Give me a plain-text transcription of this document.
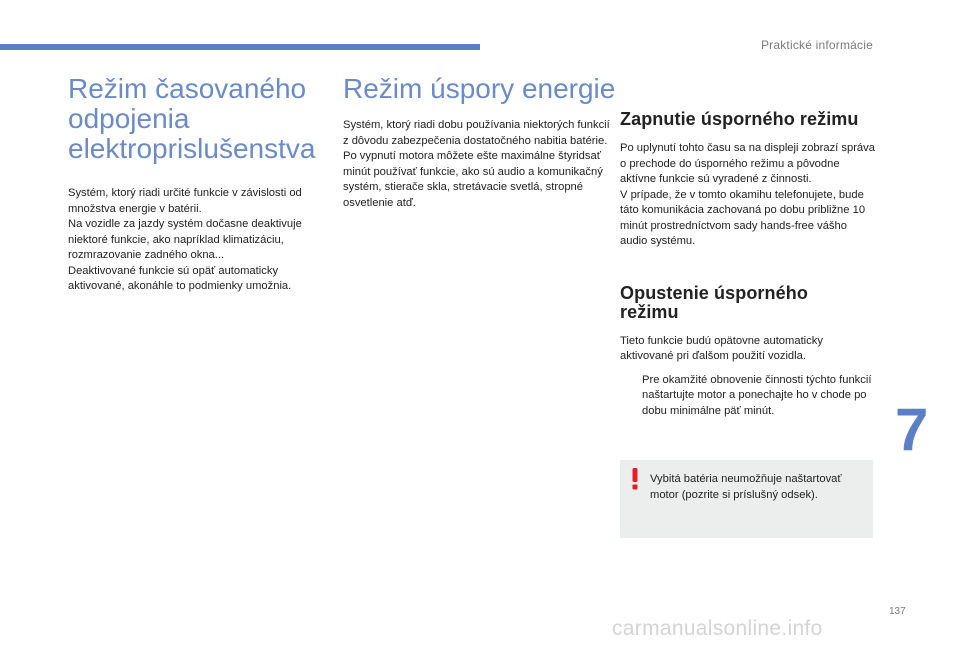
Praktické informácie
Režim časovaného
odpojenia
elektroprislušenstva

Systém, ktorý riadi určité funkcie v závislosti od množstva energie v batérii.

Na vozidle za jazdy systém dočasne deaktivuje niektoré funkcie, ako napríklad klimatizáciu, rozmrazovanie zadného okna...

Deaktivované funkcie sú opäť automaticky aktivované, akonáhle to podmienky umožnia.

Režim úspory energie

Systém, ktorý riadi dobu používania niektorých funkcií z dôvodu zabezpečenia dostatočného nabitia batérie.

Po vypnutí motora môžete ešte maximálne štyridsať minút používať funkcie, ako sú audio a komunikačný systém, stierače skla, stretávacie svetlá, stropné osvetlenie atď.

Zapnutie úsporného režimu

Po uplynutí tohto času sa na displeji zobrazí správa o prechode do úsporného režimu a pôvodne aktívne funkcie sú vyradené z činnosti.

V prípade, že v tomto okamihu telefonujete, bude táto komunikácia zachovaná po dobu približne 10 minút prostredníctvom sady hands-free vášho audio systému.

Opustenie úsporného
režimu

Tieto funkcie budú opätovne automaticky aktivované pri ďalšom použití vozidla.

Pre okamžité obnovenie činnosti týchto funkcií naštartujte motor a ponechajte ho v chode po dobu minimálne päť minút.

Vybitá batéria neumožňuje naštartovať motor (pozrite si príslušný odsek).

7
137
carmanualsonline.info
